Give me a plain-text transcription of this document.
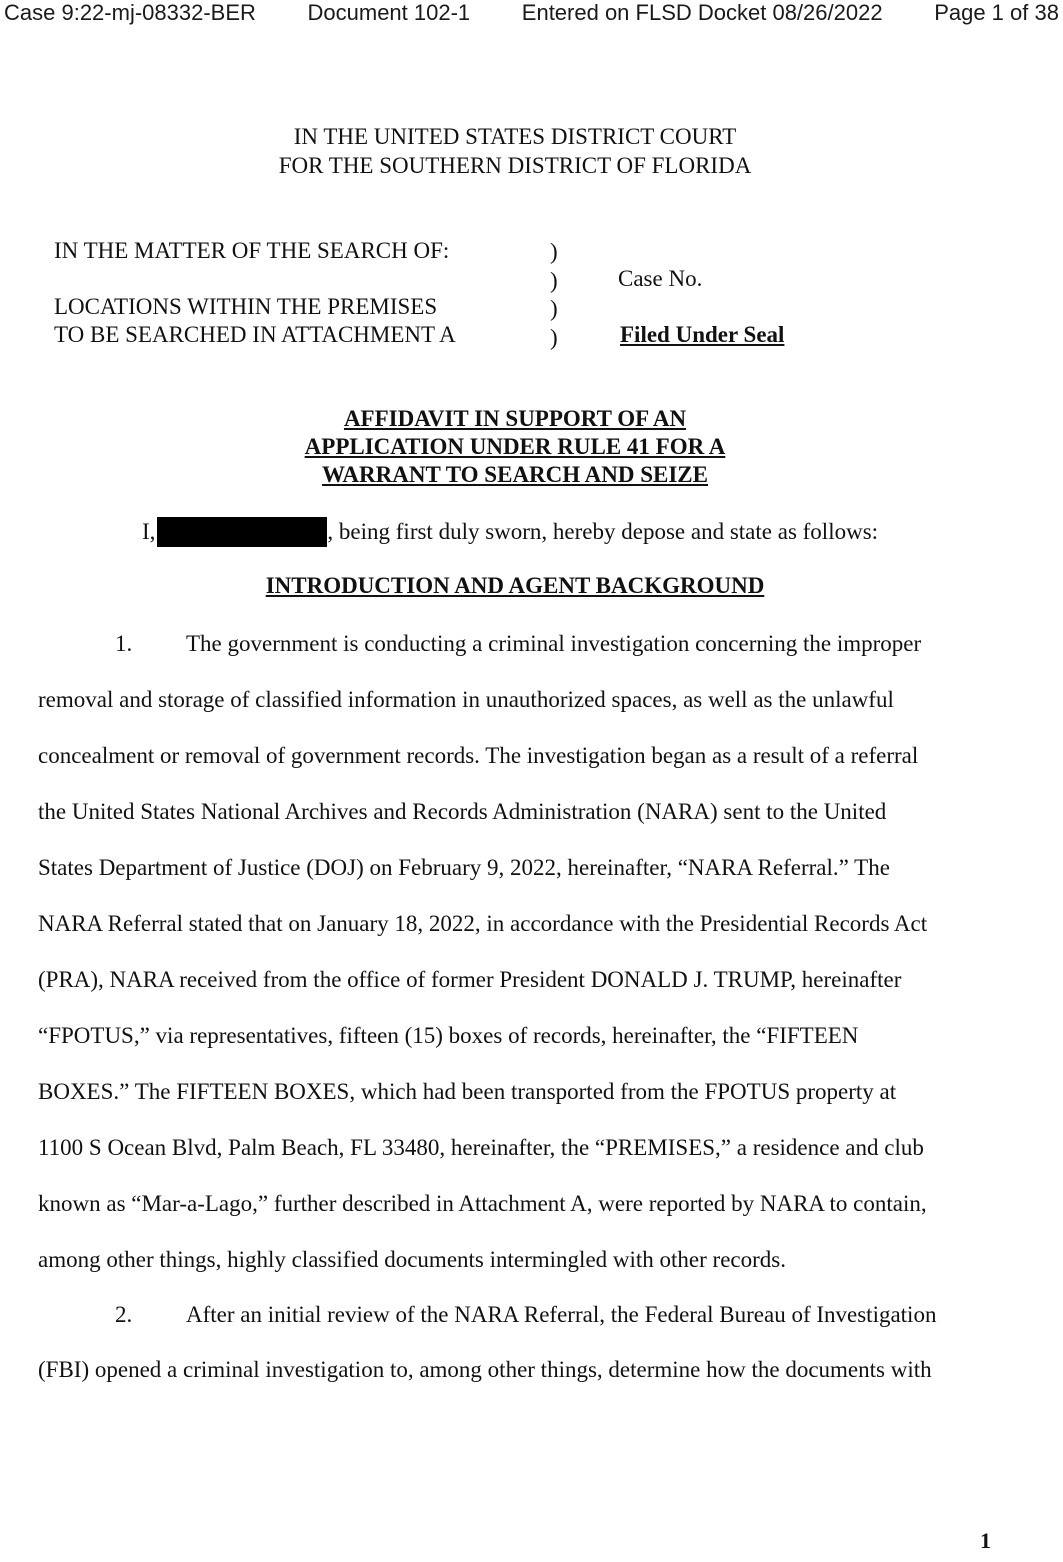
Case 9:22-mj-08332-BER Document 102-1 Entered on FLSD Docket 08/26/2022 Page 1 of 38
IN THE UNITED STATES DISTRICT COURT
FOR THE SOUTHERN DISTRICT OF FLORIDA
IN THE MATTER OF THE SEARCH OF:
LOCATIONS WITHIN THE PREMISES
TO BE SEARCHED IN ATTACHMENT A
)
)
)
)
Case No.
Filed Under Seal
AFFIDAVIT IN SUPPORT OF AN
APPLICATION UNDER RULE 41 FOR A
WARRANT TO SEARCH AND SEIZE
I,	, being first duly sworn, hereby depose and state as follows:
INTRODUCTION AND AGENT BACKGROUND
1. The government is conducting a criminal investigation concerning the improper
removal and storage of classified information in unauthorized spaces, as well as the unlawful
concealment or removal of government records. The investigation began as a result of a referral
the United States National Archives and Records Administration (NARA) sent to the United
States Department of Justice (DOJ) on February 9, 2022, hereinafter, “NARA Referral.” The
NARA Referral stated that on January 18, 2022, in accordance with the Presidential Records Act
(PRA), NARA received from the office of former President DONALD J. TRUMP, hereinafter
“FPOTUS,” via representatives, fifteen (15) boxes of records, hereinafter, the “FIFTEEN
BOXES.” The FIFTEEN BOXES, which had been transported from the FPOTUS property at
1100 S Ocean Blvd, Palm Beach, FL 33480, hereinafter, the “PREMISES,” a residence and club
known as “Mar-a-Lago,” further described in Attachment A, were reported by NARA to contain,
among other things, highly classified documents intermingled with other records.
2. After an initial review of the NARA Referral, the Federal Bureau of Investigation
(FBI) opened a criminal investigation to, among other things, determine how the documents with
1
